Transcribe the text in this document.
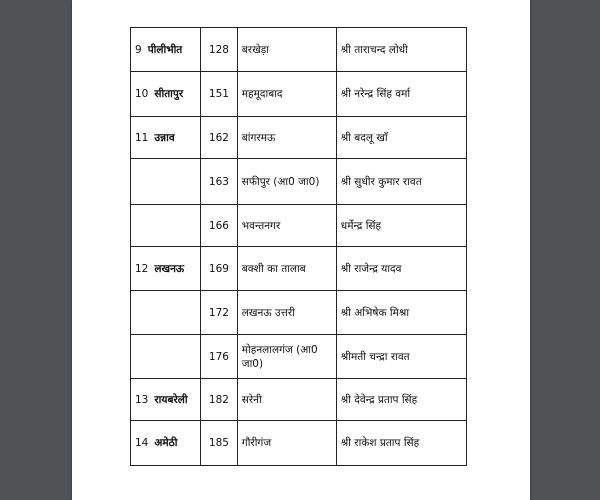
9 पीलीभीत	128	बरखेड़ा	श्री ताराचन्द लोधी
10 सीतापुर	151	महमूदाबाद	श्री नरेन्द्र सिंह वर्मा
11 उन्नाव	162	बांगरमऊ	श्री बदलू खॉं
	163	सफीपुर (आ0 जा0)	श्री सुधीर कुमार रावत
	166	भवन्तनगर	धर्मेन्द्र सिंह
12 लखनऊ	169	बक्शी का तालाब	श्री राजेन्द्र यादव
	172	लखनऊ उत्तरी	श्री अभिषेक मिश्रा
	176	मोहनलालगंज (आ0 जा0)	श्रीमती चन्द्रा रावत
13 रायबरेली	182	सरेनी	श्री देवेन्द्र प्रताप सिंह
14 अमेठी	185	गौरीगंज	श्री राकेश प्रताप सिंह
